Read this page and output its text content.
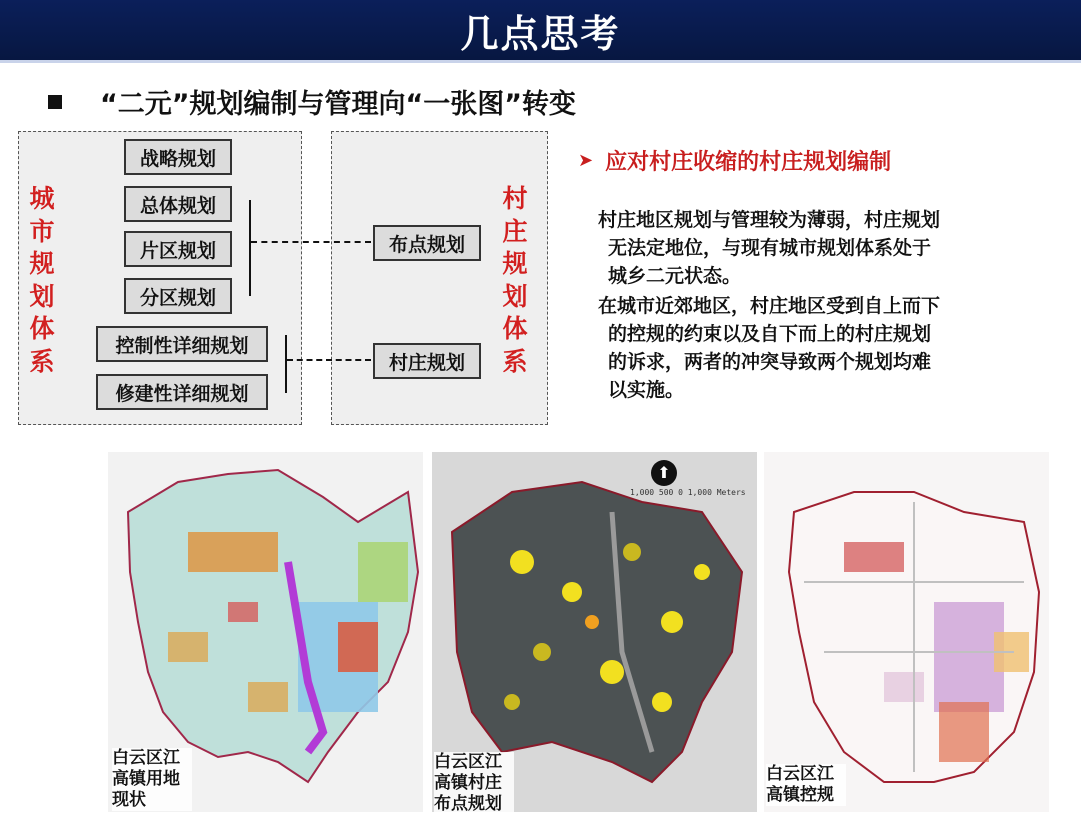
几点思考
“二元”规划编制与管理向“一张图”转变
城市规划体系
村庄规划体系
战略规划
总体规划
片区规划
分区规划
控制性详细规划
修建性详细规划
布点规划
村庄规划
➤ 应对村庄收缩的村庄规划编制

村庄地区规划与管理较为薄弱，村庄规划
无法定地位，与现有城市规划体系处于
城乡二元状态。

在城市近郊地区，村庄地区受到自上而下
的控规的约束以及自下而上的村庄规划
的诉求，两者的冲突导致两个规划均难
以实施。

⬆
1,000 500 0 1,000 Meters
白云区江
高镇用地
现状
白云区江
高镇村庄
布点规划
白云区江
高镇控规
